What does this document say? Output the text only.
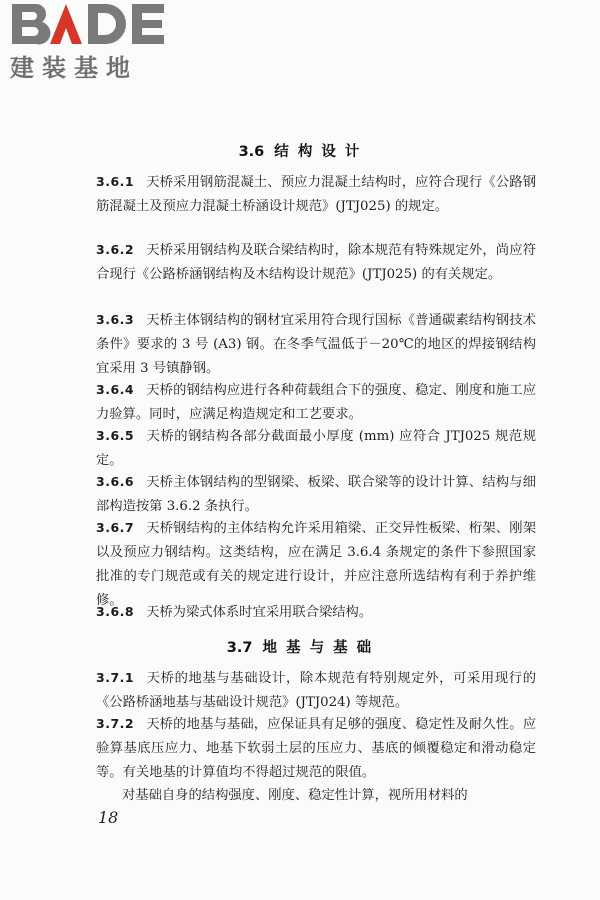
建装基地
3.6 结 构 设 计
3.6.1 天桥采用钢筋混凝土、预应力混凝土结构时，应符合现行《公路钢筋混凝土及预应力混凝土桥涵设计规范》(JTJ025) 的规定。
3.6.2 天桥采用钢结构及联合梁结构时，除本规范有特殊规定外，尚应符合现行《公路桥涵钢结构及木结构设计规范》(JTJ025) 的有关规定。
3.6.3 天桥主体钢结构的钢材宜采用符合现行国标《普通碳素结构钢技术条件》要求的 3 号 (A3) 钢。在冬季气温低于－20℃的地区的焊接钢结构宜采用 3 号镇静钢。
3.6.4 天桥的钢结构应进行各种荷载组合下的强度、稳定、刚度和施工应力验算。同时，应满足构造规定和工艺要求。
3.6.5 天桥的钢结构各部分截面最小厚度 (mm) 应符合 JTJ025 规范规定。
3.6.6 天桥主体钢结构的型钢梁、板梁、联合梁等的设计计算、结构与细部构造按第 3.6.2 条执行。
3.6.7 天桥钢结构的主体结构允许采用箱梁、正交异性板梁、桁架、刚架以及预应力钢结构。这类结构，应在满足 3.6.4 条规定的条件下参照国家批准的专门规范或有关的规定进行设计，并应注意所选结构有利于养护维修。
3.6.8 天桥为梁式体系时宜采用联合梁结构。
3.7 地 基 与 基 础
3.7.1 天桥的地基与基础设计，除本规范有特别规定外，可采用现行的《公路桥涵地基与基础设计规范》(JTJ024) 等规范。
3.7.2 天桥的地基与基础，应保证具有足够的强度、稳定性及耐久性。应验算基底压应力、地基下软弱土层的压应力、基底的倾覆稳定和滑动稳定等。有关地基的计算值均不得超过规范的限值。
对基础自身的结构强度、刚度、稳定性计算，视所用材料的
18
